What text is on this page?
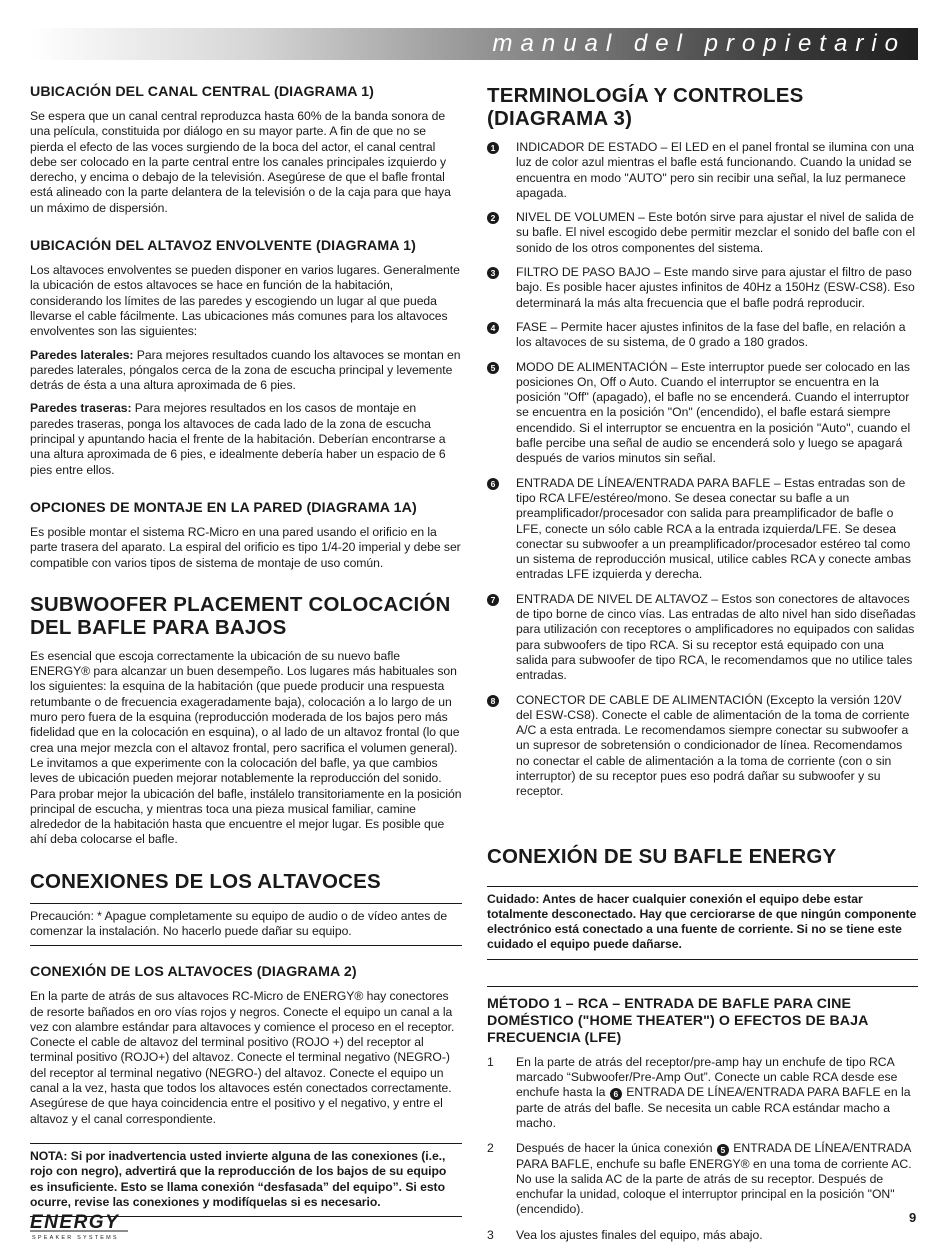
manual del propietario
UBICACIÓN DEL CANAL CENTRAL (DIAGRAMA 1)

Se espera que un canal central reproduzca hasta 60% de la banda sonora de una película, constituida por diálogo en su mayor parte. A fin de que no se pierda el efecto de las voces surgiendo de la boca del actor, el canal central debe ser colocado en la parte central entre los canales principales izquierdo y derecho, y encima o debajo de la televisión. Asegúrese de que el bafle frontal está alineado con la parte delantera de la televisión o de la caja para que haya un máximo de dispersión.

UBICACIÓN DEL ALTAVOZ ENVOLVENTE (DIAGRAMA 1)

Los altavoces envolventes se pueden disponer en varios lugares. Generalmente la ubicación de estos altavoces se hace en función de la habitación, considerando los límites de las paredes y escogiendo un lugar al que pueda llevarse el cable fácilmente. Las ubicaciones más comunes para los altavoces envolventes son las siguientes:

Paredes laterales: Para mejores resultados cuando los altavoces se montan en paredes laterales, póngalos cerca de la zona de escucha principal y levemente detrás de ésta a una altura aproximada de 6 pies.

Paredes traseras: Para mejores resultados en los casos de montaje en paredes traseras, ponga los altavoces de cada lado de la zona de escucha principal y apuntando hacia el frente de la habitación. Deberían encontrarse a una altura aproximada de 6 pies, e idealmente debería haber un espacio de 6 pies entre ellos.

OPCIONES DE MONTAJE EN LA PARED (DIAGRAMA 1A)

Es posible montar el sistema RC-Micro en una pared usando el orificio en la parte trasera del aparato. La espiral del orificio es tipo 1/4-20 imperial y debe ser compatible con varios tipos de sistema de montaje de uso común.

SUBWOOFER PLACEMENT COLOCACIÓN
DEL BAFLE PARA BAJOS

Es esencial que escoja correctamente la ubicación de su nuevo bafle ENERGY® para alcanzar un buen desempeño. Los lugares más habituales son los siguientes: la esquina de la habitación (que puede producir una respuesta retumbante o de frecuencia exageradamente baja), colocación a lo largo de un muro pero fuera de la esquina (reproducción moderada de los bajos pero más fidelidad que en la colocación en esquina), o al lado de un altavoz frontal (lo que crea una mejor mezcla con el altavoz frontal, pero sacrifica el volumen general). Le invitamos a que experimente con la colocación del bafle, ya que cambios leves de ubicación pueden mejorar notablemente la reproducción del sonido. Para probar mejor la ubicación del bafle, instálelo transitoriamente en la posición principal de escucha, y mientras toca una pieza musical familiar, camine alrededor de la habitación hasta que encuentre el mejor lugar. Es posible que ahí deba colocarse el bafle.

CONEXIONES DE LOS ALTAVOCES

Precaución: * Apague completamente su equipo de audio o de vídeo antes de comenzar la instalación. No hacerlo puede dañar su equipo.

CONEXIÓN DE LOS ALTAVOCES (DIAGRAMA 2)

En la parte de atrás de sus altavoces RC-Micro de ENERGY® hay conectores de resorte bañados en oro vías rojos y negros. Conecte el equipo un canal a la vez con alambre estándar para altavoces y comience el proceso en el receptor. Conecte el cable de altavoz del terminal positivo (ROJO +) del receptor al terminal positivo (ROJO+) del altavoz. Conecte el terminal negativo (NEGRO-) del receptor al terminal negativo (NEGRO-) del altavoz. Conecte el equipo un canal a la vez, hasta que todos los altavoces estén conectados correctamente. Asegúrese de que haya coincidencia entre el positivo y el negativo, y entre el altavoz y el canal correspondiente.

NOTA: Si por inadvertencia usted invierte alguna de las conexiones (i.e., rojo con negro), advertirá que la reproducción de los bajos de su equipo es insuficiente. Esto se llama conexión “desfasada” del equipo”. Si esto ocurre, revise las conexiones y modifíquelas si es necesario.

TERMINOLOGÍA Y CONTROLES
(DIAGRAMA 3)
1 INDICADOR DE ESTADO – El LED en el panel frontal se ilumina con una luz de color azul mientras el bafle está funcionando. Cuando la unidad se encuentra en modo "AUTO" pero sin recibir una señal, la luz permanece apagada.
2 NIVEL DE VOLUMEN – Este botón sirve para ajustar el nivel de salida de su bafle. El nivel escogido debe permitir mezclar el sonido del bafle con el sonido de los otros componentes del sistema.
3 FILTRO DE PASO BAJO – Este mando sirve para ajustar el filtro de paso bajo. Es posible hacer ajustes infinitos de 40Hz a 150Hz (ESW-CS8). Eso determinará la más alta frecuencia que el bafle podrá reproducir.
4 FASE – Permite hacer ajustes infinitos de la fase del bafle, en relación a los altavoces de su sistema, de 0 grado a 180 grados.
5 MODO DE ALIMENTACIÓN – Este interruptor puede ser colocado en las posiciones On, Off o Auto. Cuando el interruptor se encuentra en la posición "Off" (apagado), el bafle no se encenderá. Cuando el interruptor se encuentra en la posición "On" (encendido), el bafle estará siempre encendido. Si el interruptor se encuentra en la posición "Auto", cuando el bafle percibe una señal de audio se encenderá solo y luego se apagará después de varios minutos sin señal.
6 ENTRADA DE LÍNEA/ENTRADA PARA BAFLE – Estas entradas son de tipo RCA LFE/estéreo/mono. Se desea conectar su bafle a un preamplificador/procesador con salida para preamplificador de bafle o LFE, conecte un sólo cable RCA a la entrada izquierda/LFE. Se desea conectar su subwoofer a un preamplificador/procesador estéreo tal como un sistema de reproducción musical, utilice cables RCA y conecte ambas entradas LFE izquierda y derecha.
7 ENTRADA DE NIVEL DE ALTAVOZ – Estos son conectores de altavoces de tipo borne de cinco vías. Las entradas de alto nivel han sido diseñadas para utilización con receptores o amplificadores no equipados con salidas para subwoofers de tipo RCA. Si su receptor está equipado con una salida para subwoofer de tipo RCA, le recomendamos que no utilice tales entradas.
8 CONECTOR DE CABLE DE ALIMENTACIÓN (Excepto la versión 120V del ESW-CS8). Conecte el cable de alimentación de la toma de corriente A/C a esta entrada. Le recomendamos siempre conectar su subwoofer a un supresor de sobretensión o condicionador de línea. Recomendamos no conectar el cable de alimentación a la toma de corriente (con o sin interruptor) de su receptor pues eso podrá dañar su subwoofer y su receptor.
CONEXIÓN DE SU BAFLE ENERGY

Cuidado: Antes de hacer cualquier conexión el equipo debe estar totalmente desconectado. Hay que cerciorarse de que ningún componente electrónico está conectado a una fuente de corriente. Si no se tiene este cuidado el equipo puede dañarse.

MÉTODO 1 – RCA – ENTRADA DE BAFLE PARA CINE
DOMÉSTICO ("HOME THEATER") O EFECTOS DE BAJA
FRECUENCIA (LFE)
1 En la parte de atrás del receptor/pre-amp hay un enchufe de tipo RCA marcado “Subwoofer/Pre-Amp Out”. Conecte un cable RCA desde ese enchufe hasta la 6 ENTRADA DE LÍNEA/ENTRADA PARA BAFLE en la parte de atrás del bafle. Se necesita un cable RCA estándar macho a macho.
2 Después de hacer la única conexión 5 ENTRADA DE LÍNEA/ENTRADA PARA BAFLE, enchufe su bafle ENERGY® en una toma de corriente AC. No use la salida AC de la parte de atrás de su receptor. Después de enchufar la unidad, coloque el interruptor principal en la posición "ON" (encendido).
3 Vea los ajustes finales del equipo, más abajo.
ENERGY
SPEAKER SYSTEMS
9
